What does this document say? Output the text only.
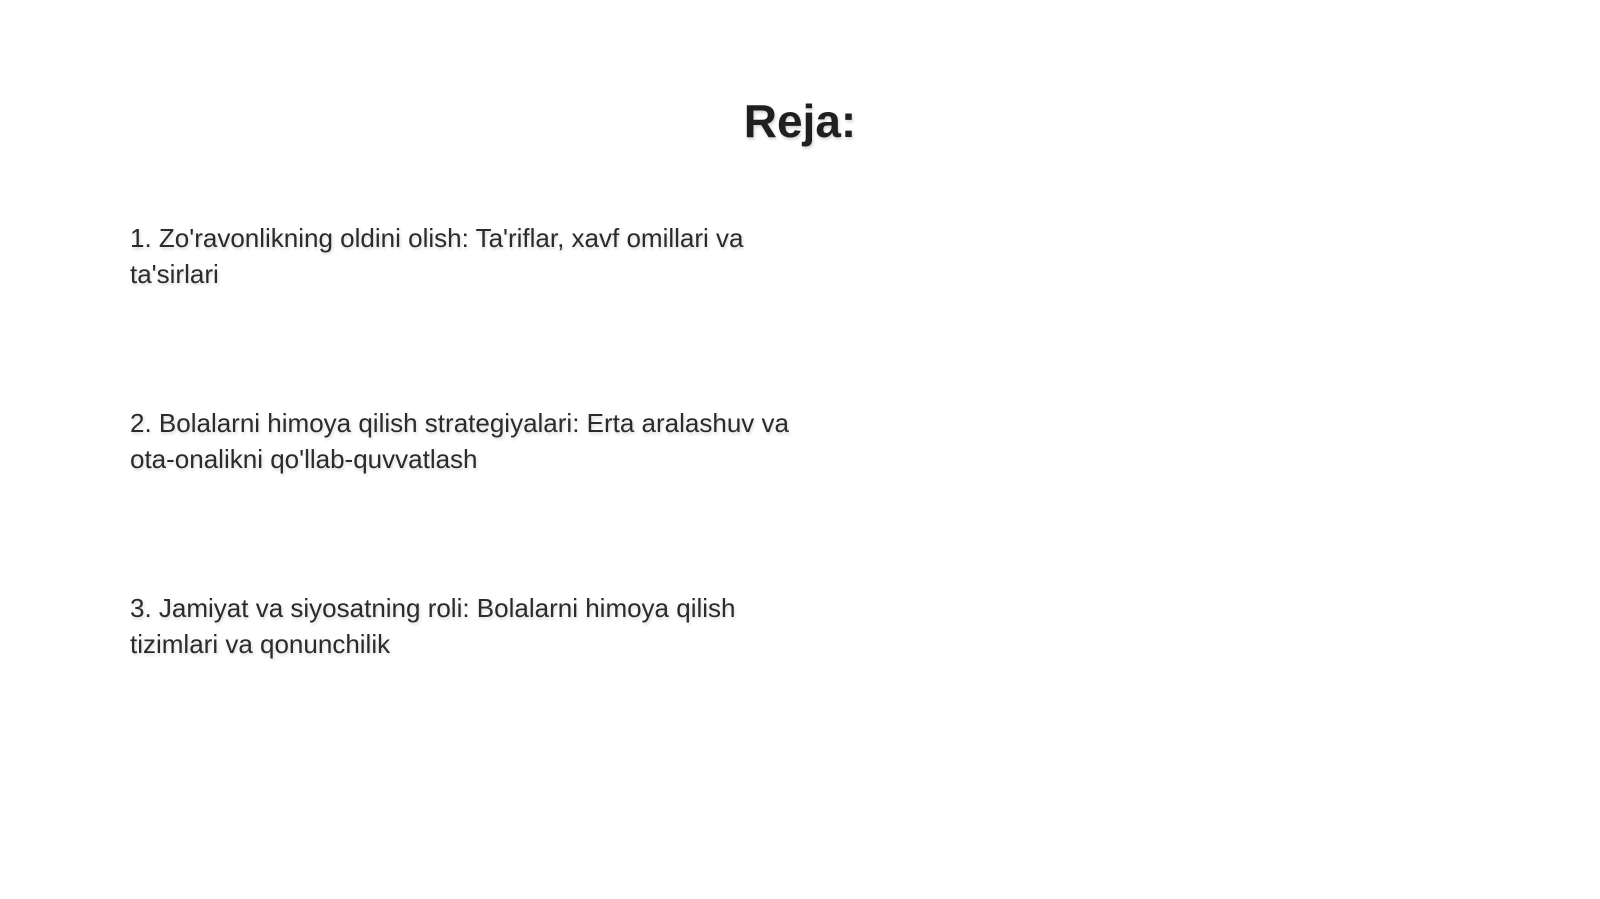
Reja:
1. Zo'ravonlikning oldini olish: Ta'riflar, xavf omillari va ta'sirlari
2. Bolalarni himoya qilish strategiyalari: Erta aralashuv va ota-onalikni qo'llab-quvvatlash
3. Jamiyat va siyosatning roli: Bolalarni himoya qilish tizimlari va qonunchilik
